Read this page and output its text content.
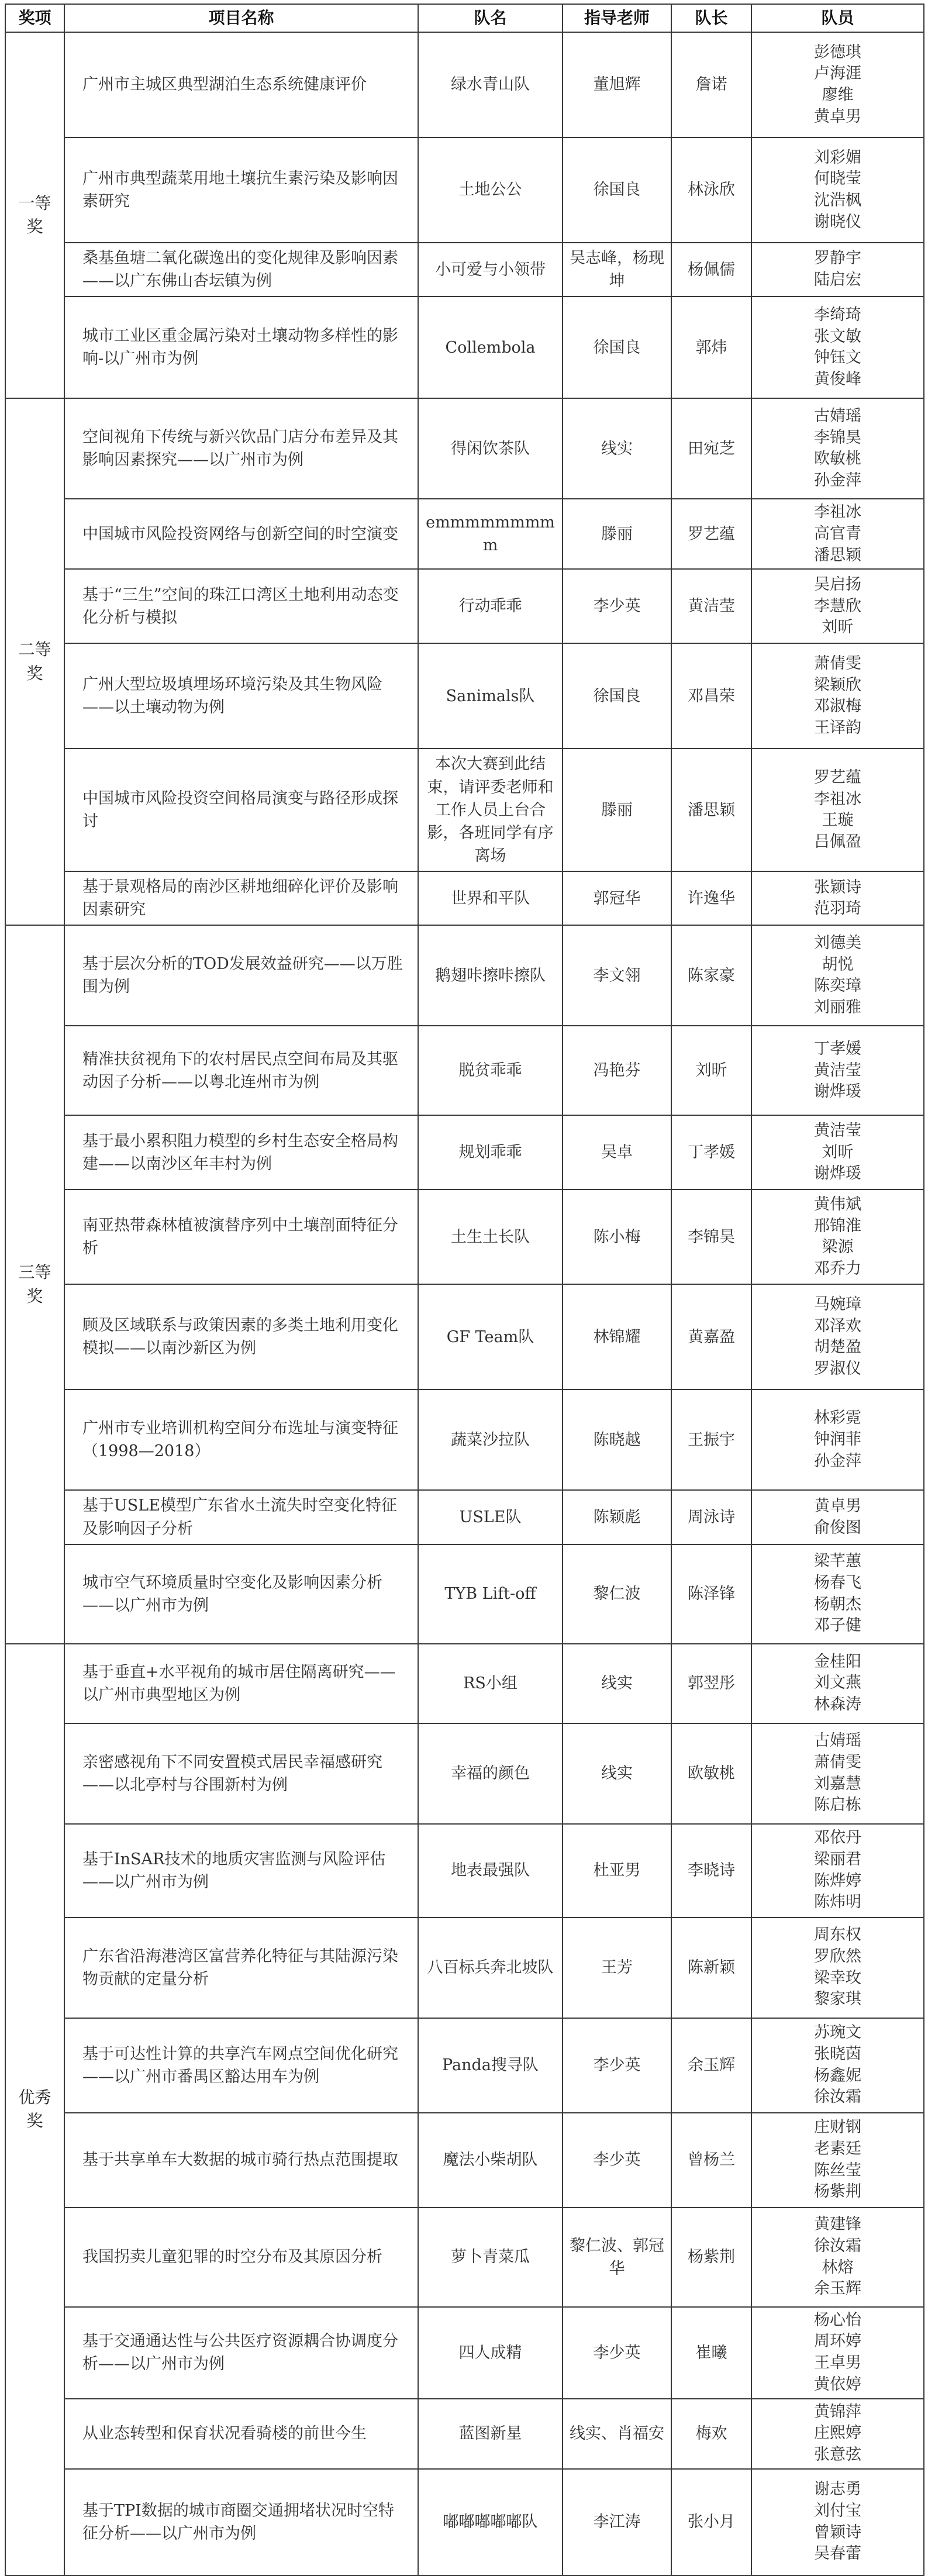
奖项	项目名称	队名	指导老师	队长	队员
一等奖	广州市主城区典型湖泊生态系统健康评价	绿水青山队	董旭辉	詹诺	彭德琪
卢海涯
廖维
黄卓男

	广州市典型蔬菜用地土壤抗生素污染及影响因素研究	土地公公	徐国良	林泳欣	刘彩媚
何晓莹
沈浩枫
谢晓仪

	桑基鱼塘二氧化碳逸出的变化规律及影响因素——以广东佛山杏坛镇为例	小可爱与小领带	吴志峰，杨现坤	杨佩儒	罗静宇
陆启宏

	城市工业区重金属污染对土壤动物多样性的影响-以广州市为例	Collembola	徐国良	郭炜	李绮琦
张文敏
钟钰文
黄俊峰

二等奖	空间视角下传统与新兴饮品门店分布差异及其影响因素探究——以广州市为例	得闲饮茶队	线实	田宛芝	古婧瑶
李锦昊
欧敏桃
孙金萍

	中国城市风险投资网络与创新空间的时空演变	emmmmmmmmm	滕丽	罗艺蕴	李祖冰
高官青
潘思颖

	基于“三生”空间的珠江口湾区土地利用动态变化分析与模拟	行动乖乖	李少英	黄洁莹	吴启扬
李慧欣
刘昕

	广州大型垃圾填埋场环境污染及其生物风险——以土壤动物为例	Sanimals队	徐国良	邓昌荣	萧倩雯
梁颖欣
邓淑梅
王译韵

	中国城市风险投资空间格局演变与路径形成探讨	本次大赛到此结束，请评委老师和工作人员上台合影，各班同学有序离场	滕丽	潘思颖	罗艺蕴
李祖冰
王璇
吕佩盈

	基于景观格局的南沙区耕地细碎化评价及影响因素研究	世界和平队	郭冠华	许逸华	张颖诗
范羽琦

三等奖	基于层次分析的TOD发展效益研究——以万胜围为例	鹅翅咔擦咔擦队	李文翎	陈家豪	刘德美
胡悦
陈奕璋
刘丽雅

	精准扶贫视角下的农村居民点空间布局及其驱动因子分析——以粤北连州市为例	脱贫乖乖	冯艳芬	刘昕	丁孝媛
黄洁莹
谢烨瑗

	基于最小累积阻力模型的乡村生态安全格局构建——以南沙区年丰村为例	规划乖乖	吴卓	丁孝媛	黄洁莹
刘昕
谢烨瑗

	南亚热带森林植被演替序列中土壤剖面特征分析	土生土长队	陈小梅	李锦昊	黄伟斌
邢锦淮
梁源
邓乔力

	顾及区域联系与政策因素的多类土地利用变化模拟——以南沙新区为例	GF Team队	林锦耀	黄嘉盈	马婉璋
邓泽欢
胡楚盈
罗淑仪

	广州市专业培训机构空间分布选址与演变特征（1998—2018）	蔬菜沙拉队	陈晓越	王振宇	林彩霓
钟润菲
孙金萍

	基于USLE模型广东省水土流失时空变化特征及影响因子分析	USLE队	陈颖彪	周泳诗	黄卓男
俞俊图

	城市空气环境质量时空变化及影响因素分析——以广州市为例	TYB Lift-off	黎仁波	陈泽锋	梁芊蕙
杨春飞
杨朝杰
邓子健

优秀奖	基于垂直+水平视角的城市居住隔离研究——以广州市典型地区为例	RS小组	线实	郭翌彤	金桂阳
刘文燕
林森涛

	亲密感视角下不同安置模式居民幸福感研究——以北亭村与谷围新村为例	幸福的颜色	线实	欧敏桃	古婧瑶
萧倩雯
刘嘉慧
陈启栋

	基于InSAR技术的地质灾害监测与风险评估——以广州市为例	地表最强队	杜亚男	李晓诗	邓依丹
梁丽君
陈烨婷
陈炜明

	广东省沿海港湾区富营养化特征与其陆源污染物贡献的定量分析	八百标兵奔北坡队	王芳	陈新颖	周东权
罗欣然
梁幸玫
黎家琪

	基于可达性计算的共享汽车网点空间优化研究——以广州市番禺区豁达用车为例	Panda搜寻队	李少英	余玉辉	苏琬文
张晓茵
杨鑫妮
徐汝霜

	基于共享单车大数据的城市骑行热点范围提取	魔法小柴胡队	李少英	曾杨兰	庄财钢
老素廷
陈丝莹
杨紫荆

	我国拐卖儿童犯罪的时空分布及其原因分析	萝卜青菜瓜	黎仁波、郭冠华	杨紫荆	黄建锋
徐汝霜
林熔
余玉辉

	基于交通通达性与公共医疗资源耦合协调度分析——以广州市为例	四人成精	李少英	崔曦	杨心怡
周环婷
王卓男
黄依婷

	从业态转型和保育状况看骑楼的前世今生	蓝图新星	线实、肖福安	梅欢	黄锦萍
庄熙婷
张意弦

	基于TPI数据的城市商圈交通拥堵状况时空特征分析——以广州市为例	嘟嘟嘟嘟嘟队	李江涛	张小月	谢志勇
刘付宝
曾颖诗
吴春蕾
